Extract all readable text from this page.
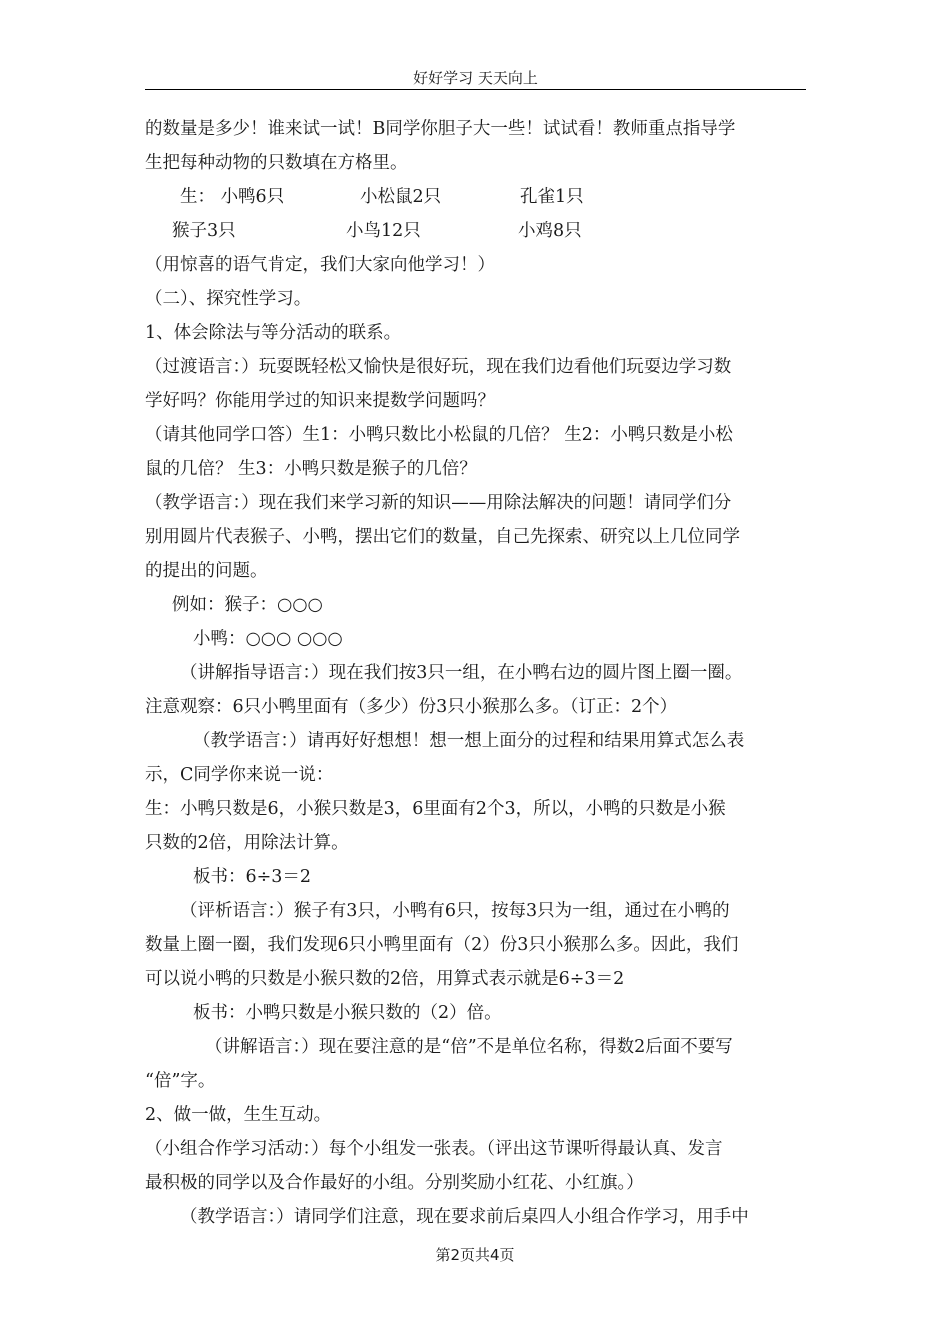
好好学习 天天向上
的数量是多少！谁来试一试！B同学你胆子大一些！试试看！教师重点指导学
生把每种动物的只数填在方格里。
生： 小鸭6只	小松鼠2只	孔雀1只
猴子3只	小鸟12只	小鸡8只
（用惊喜的语气肯定，我们大家向他学习！）
（二）、探究性学习。
1、体会除法与等分活动的联系。
（过渡语言：）玩耍既轻松又愉快是很好玩，现在我们边看他们玩耍边学习数
学好吗？你能用学过的知识来提数学问题吗？
（请其他同学口答）生1：小鸭只数比小松鼠的几倍？ 生2：小鸭只数是小松
鼠的几倍？ 生3：小鸭只数是猴子的几倍？
（教学语言：）现在我们来学习新的知识——用除法解决的问题！请同学们分
别用圆片代表猴子、小鸭，摆出它们的数量，自己先探索、研究以上几位同学
的提出的问题。
例如：猴子：○○○
小鸭：○○○ ○○○
（讲解指导语言：）现在我们按3只一组，在小鸭右边的圆片图上圈一圈。
注意观察：6只小鸭里面有（多少）份3只小猴那么多。（订正：2个）
（教学语言：）请再好好想想！想一想上面分的过程和结果用算式怎么表
示，C同学你来说一说：
生：小鸭只数是6，小猴只数是3，6里面有2个3，所以，小鸭的只数是小猴
只数的2倍，用除法计算。
板书：6÷3＝2
（评析语言：）猴子有3只，小鸭有6只，按每3只为一组，通过在小鸭的
数量上圈一圈，我们发现6只小鸭里面有（2）份3只小猴那么多。因此，我们
可以说小鸭的只数是小猴只数的2倍，用算式表示就是6÷3＝2
板书：小鸭只数是小猴只数的（2）倍。
（讲解语言：）现在要注意的是“倍”不是单位名称，得数2后面不要写
“倍”字。
2、做一做，生生互动。
（小组合作学习活动：）每个小组发一张表。（评出这节课听得最认真、发言
最积极的同学以及合作最好的小组。分别奖励小红花、小红旗。）
（教学语言：）请同学们注意，现在要求前后桌四人小组合作学习，用手中
第2页共4页
